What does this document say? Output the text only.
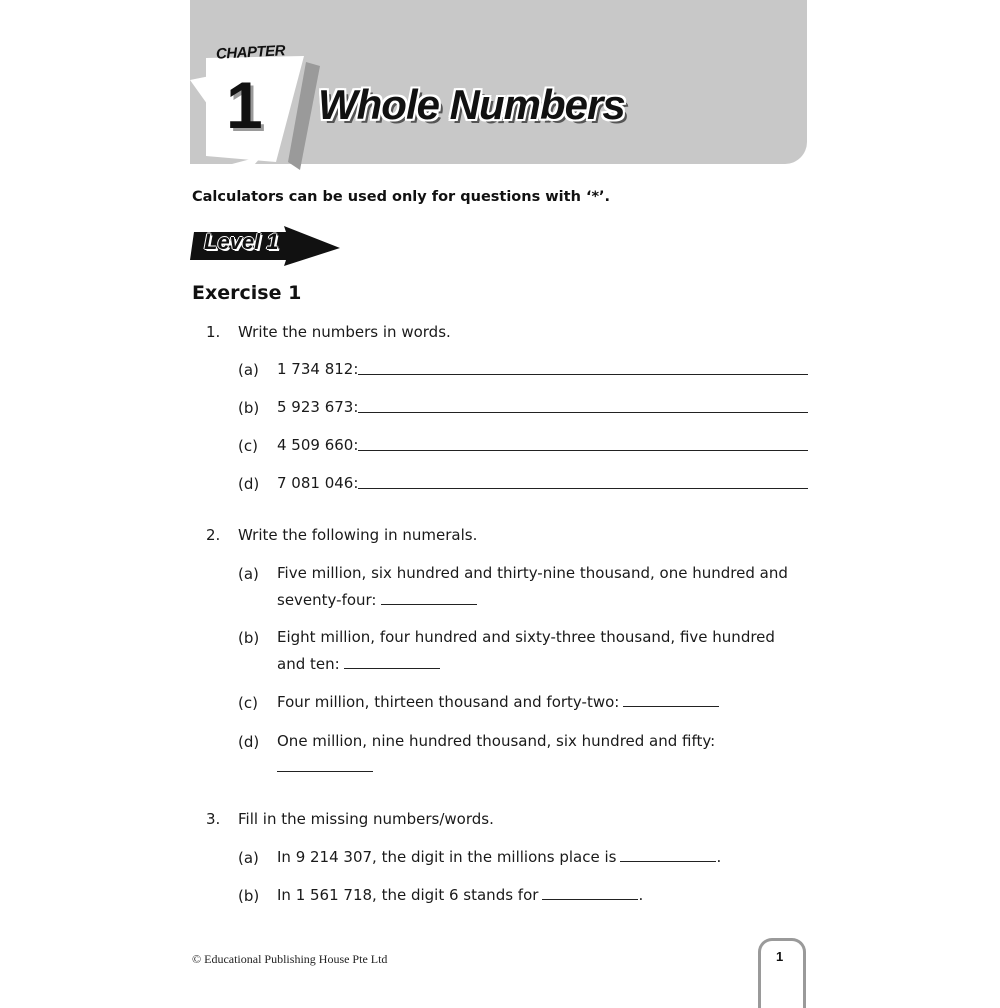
CHAPTER
1 Whole Numbers
Calculators can be used only for questions with ‘*’.
Level 1
Exercise 1
1. Write the numbers in words.
(a) 1 734 812:
(b) 5 923 673:
(c) 4 509 660:
(d) 7 081 046:
2. Write the following in numerals.
(a) Five million, six hundred and thirty-nine thousand, one hundred and
seventy-four:
(b) Eight million, four hundred and sixty-three thousand, five hundred
and ten:
(c) Four million, thirteen thousand and forty-two:
(d) One million, nine hundred thousand, six hundred and fifty:
3. Fill in the missing numbers/words.
(a) In 9 214 307, the digit in the millions place is	.
(b) In 1 561 718, the digit 6 stands for	.
© Educational Publishing House Pte Ltd	1
